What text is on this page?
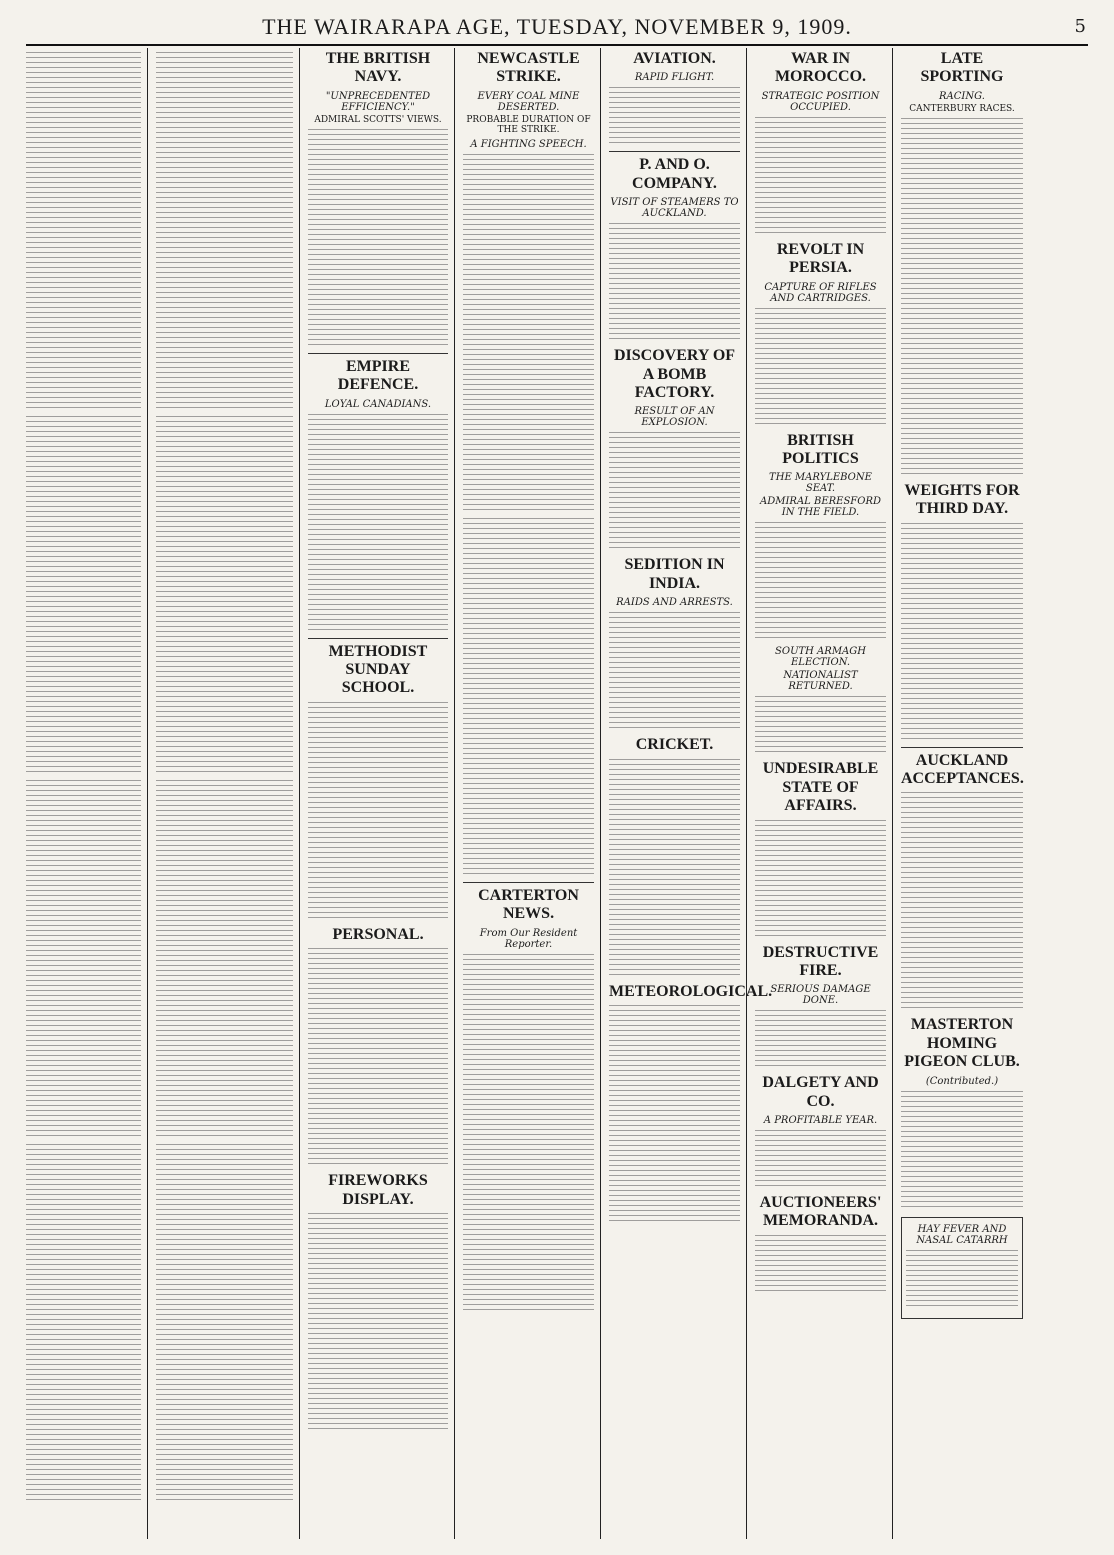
THE WAIRARAPA AGE, TUESDAY, NOVEMBER 9, 1909.	5
THE BRITISH NAVY.
"UNPRECEDENTED EFFICIENCY."
ADMIRAL SCOTTS' VIEWS.
EMPIRE DEFENCE.
LOYAL CANADIANS.
METHODIST SUNDAY SCHOOL.
PERSONAL.
FIREWORKS DISPLAY.
NEWCASTLE STRIKE.
EVERY COAL MINE DESERTED.
PROBABLE DURATION OF THE STRIKE.
A FIGHTING SPEECH.
CARTERTON NEWS.
From Our Resident Reporter.
AVIATION.
RAPID FLIGHT.
P. AND O. COMPANY.
VISIT OF STEAMERS TO AUCKLAND.
DISCOVERY OF A BOMB FACTORY.
RESULT OF AN EXPLOSION.
SEDITION IN INDIA.
RAIDS AND ARRESTS.
CRICKET.
METEOROLOGICAL.
WAR IN MOROCCO.
STRATEGIC POSITION OCCUPIED.
REVOLT IN PERSIA.
CAPTURE OF RIFLES AND CARTRIDGES.
BRITISH POLITICS
THE MARYLEBONE SEAT.
ADMIRAL BERESFORD IN THE FIELD.
SOUTH ARMAGH ELECTION.
NATIONALIST RETURNED.
UNDESIRABLE STATE OF AFFAIRS.
DESTRUCTIVE FIRE.
SERIOUS DAMAGE DONE.
DALGETY AND CO.
A PROFITABLE YEAR.
AUCTIONEERS' MEMORANDA.
LATE SPORTING
RACING.
CANTERBURY RACES.
WEIGHTS FOR THIRD DAY.
AUCKLAND ACCEPTANCES.
MASTERTON HOMING PIGEON CLUB.
(Contributed.)
HAY FEVER AND NASAL CATARRH
